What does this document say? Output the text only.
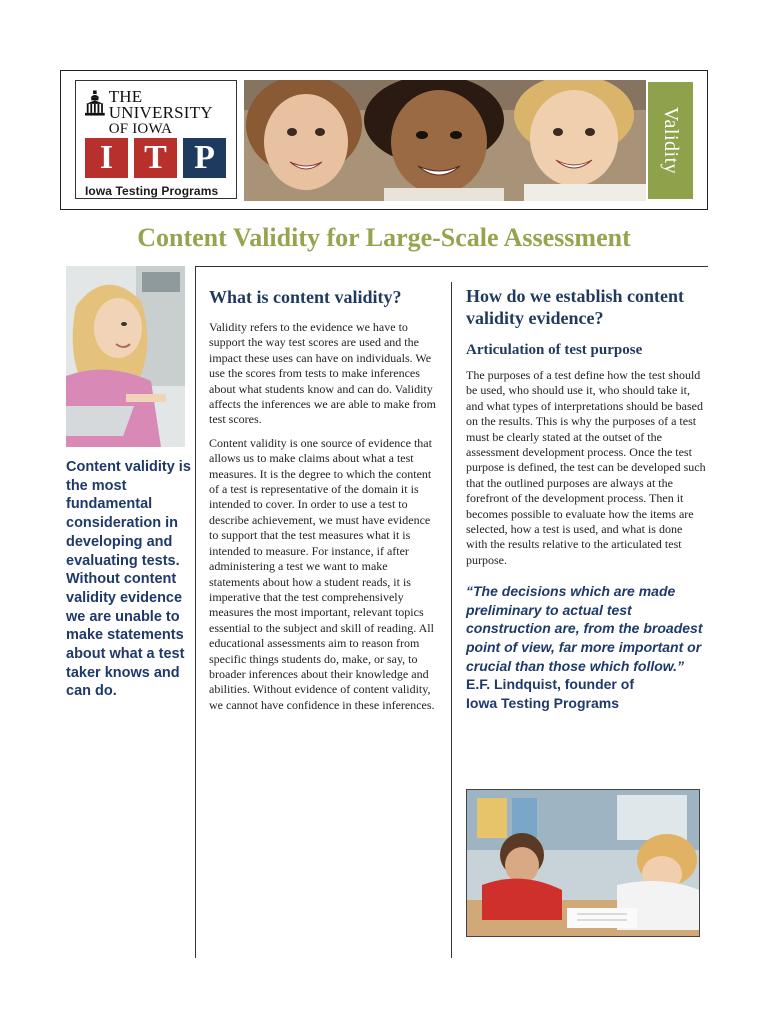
THE UNIVERSITY
OF IOWA
I T P
Iowa Testing Programs
Validity
Content Validity for Large-Scale Assessment
Content validity is the most fundamental consideration in developing and evaluating tests. Without content validity evidence we are unable to make statements about what a test taker knows and can do.
What is content validity?

Validity refers to the evidence we have to support the way test scores are used and the impact these uses can have on individuals. We use the scores from tests to make inferences about what students know and can do. Validity affects the inferences we are able to make from test scores.

Content validity is one source of evidence that allows us to make claims about what a test measures. It is the degree to which the content of a test is representative of the domain it is intended to cover. In order to use a test to describe achievement, we must have evidence to support that the test measures what it is intended to measure. For instance, if after administering a test we want to make statements about how a student reads, it is imperative that the test comprehensively measures the most important, relevant topics essential to the subject and skill of reading. All educational assessments aim to reason from specific things students do, make, or say, to broader inferences about their knowledge and abilities. Without evidence of content validity, we cannot have confidence in these inferences.

How do we establish content validity evidence?
Articulation of test purpose

The purposes of a test define how the test should be used, who should use it, who should take it, and what types of interpretations should be based on the results. This is why the purposes of a test must be clearly stated at the outset of the assessment development process. Once the test purpose is defined, the test can be developed such that the outlined purposes are always at the forefront of the development process. Then it becomes possible to evaluate how the items are selected, how a test is used, and what is done with the results relative to the articulated test purpose.

“The decisions which are made preliminary to actual test construction are, from the broadest point of view, far more important or crucial than those which follow.”

E.F. Lindquist, founder of

Iowa Testing Programs
